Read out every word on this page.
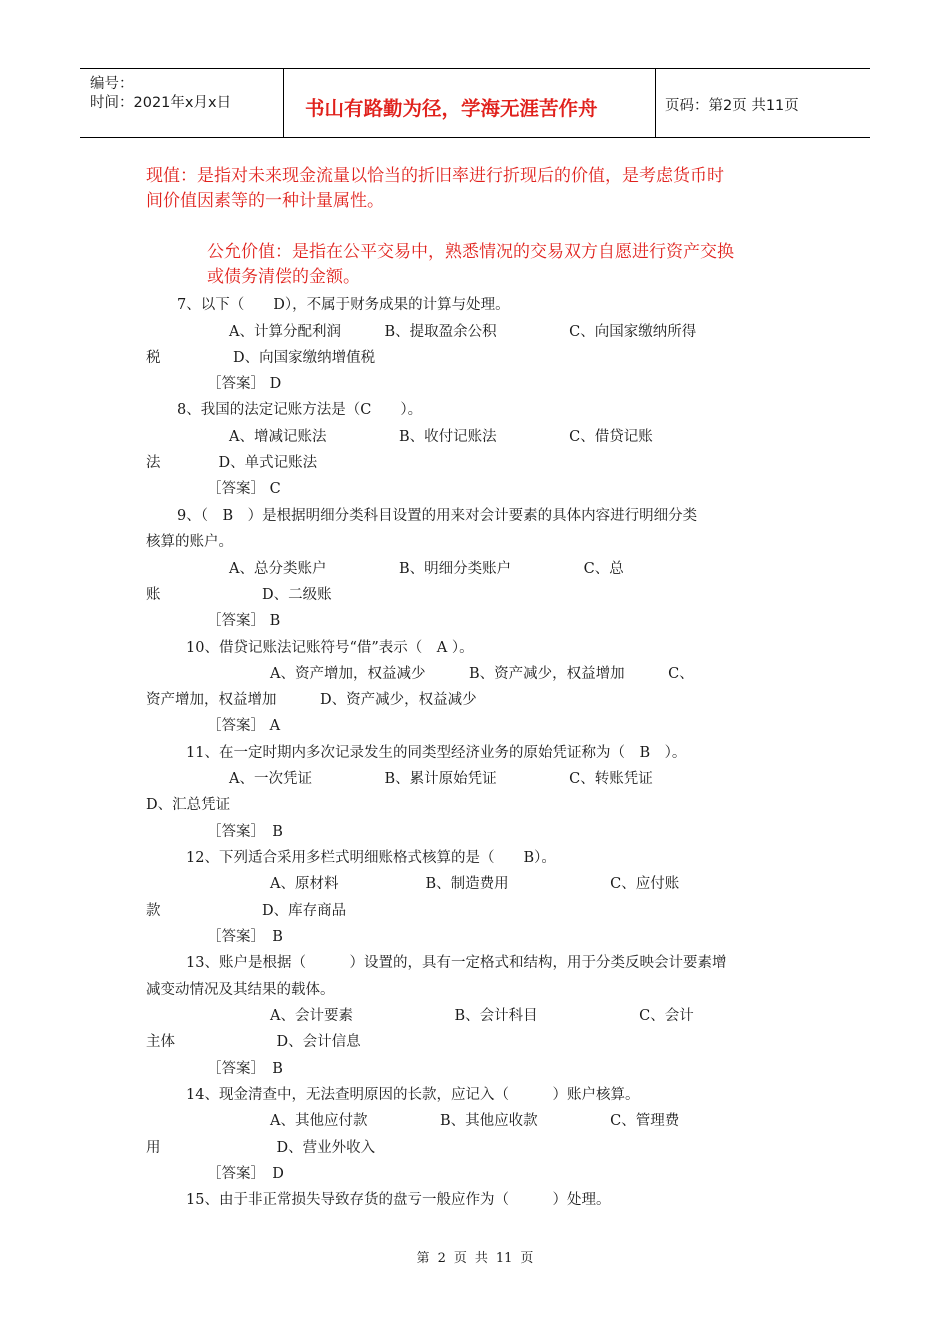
编号：
时间：2021年x月x日	书山有路勤为径，学海无涯苦作舟	页码：第2页 共11页
现值：是指对未来现金流量以恰当的折旧率进行折现后的价值，是考虑货币时
间价值因素等的一种计量属性。
公允价值：是指在公平交易中，熟悉情况的交易双方自愿进行资产交换
或债务清偿的金额。
7、以下（　　D），不属于财务成果的计算与处理。
A、计算分配利润　　　B、提取盈余公积　　　　　C、向国家缴纳所得
税　　　　　D、向国家缴纳增值税
［答案］ D
8、我国的法定记账方法是（C　　）。
A、增减记账法　　　　　B、收付记账法　　　　　C、借贷记账
法　　　　D、单式记账法
［答案］ C
9、（　B　）是根据明细分类科目设置的用来对会计要素的具体内容进行明细分类
核算的账户。
A、总分类账户　　　　　B、明细分类账户　　　　　C、总
账　　　　　　　D、二级账
［答案］ B
10、借贷记账法记账符号“借”表示（　A ）。
A、资产增加，权益减少　　　B、资产减少，权益增加　　　C、
资产增加，权益增加　　　D、资产减少，权益减少
［答案］ A
11、在一定时期内多次记录发生的同类型经济业务的原始凭证称为（　B　）。
A、一次凭证　　　　　B、累计原始凭证　　　　　C、转账凭证
D、汇总凭证
［答案］　B
12、下列适合采用多栏式明细账格式核算的是（　　B）。
A、原材料　　　　　　B、制造费用　　　　　　　C、应付账
款　　　　　　　D、库存商品
［答案］　B
13、账户是根据（　　　）设置的，具有一定格式和结构，用于分类反映会计要素增
减变动情况及其结果的载体。
A、会计要素　　　　　　　B、会计科目　　　　　　　C、会计
主体　　　　　　　D、会计信息
［答案］　B
14、现金清查中，无法查明原因的长款，应记入（　　　）账户核算。
A、其他应付款　　　　　B、其他应收款　　　　　C、管理费
用　　　　　　　　D、营业外收入
［答案］　D
15、由于非正常损失导致存货的盘亏一般应作为（　　　）处理。
第 2 页 共 11 页
